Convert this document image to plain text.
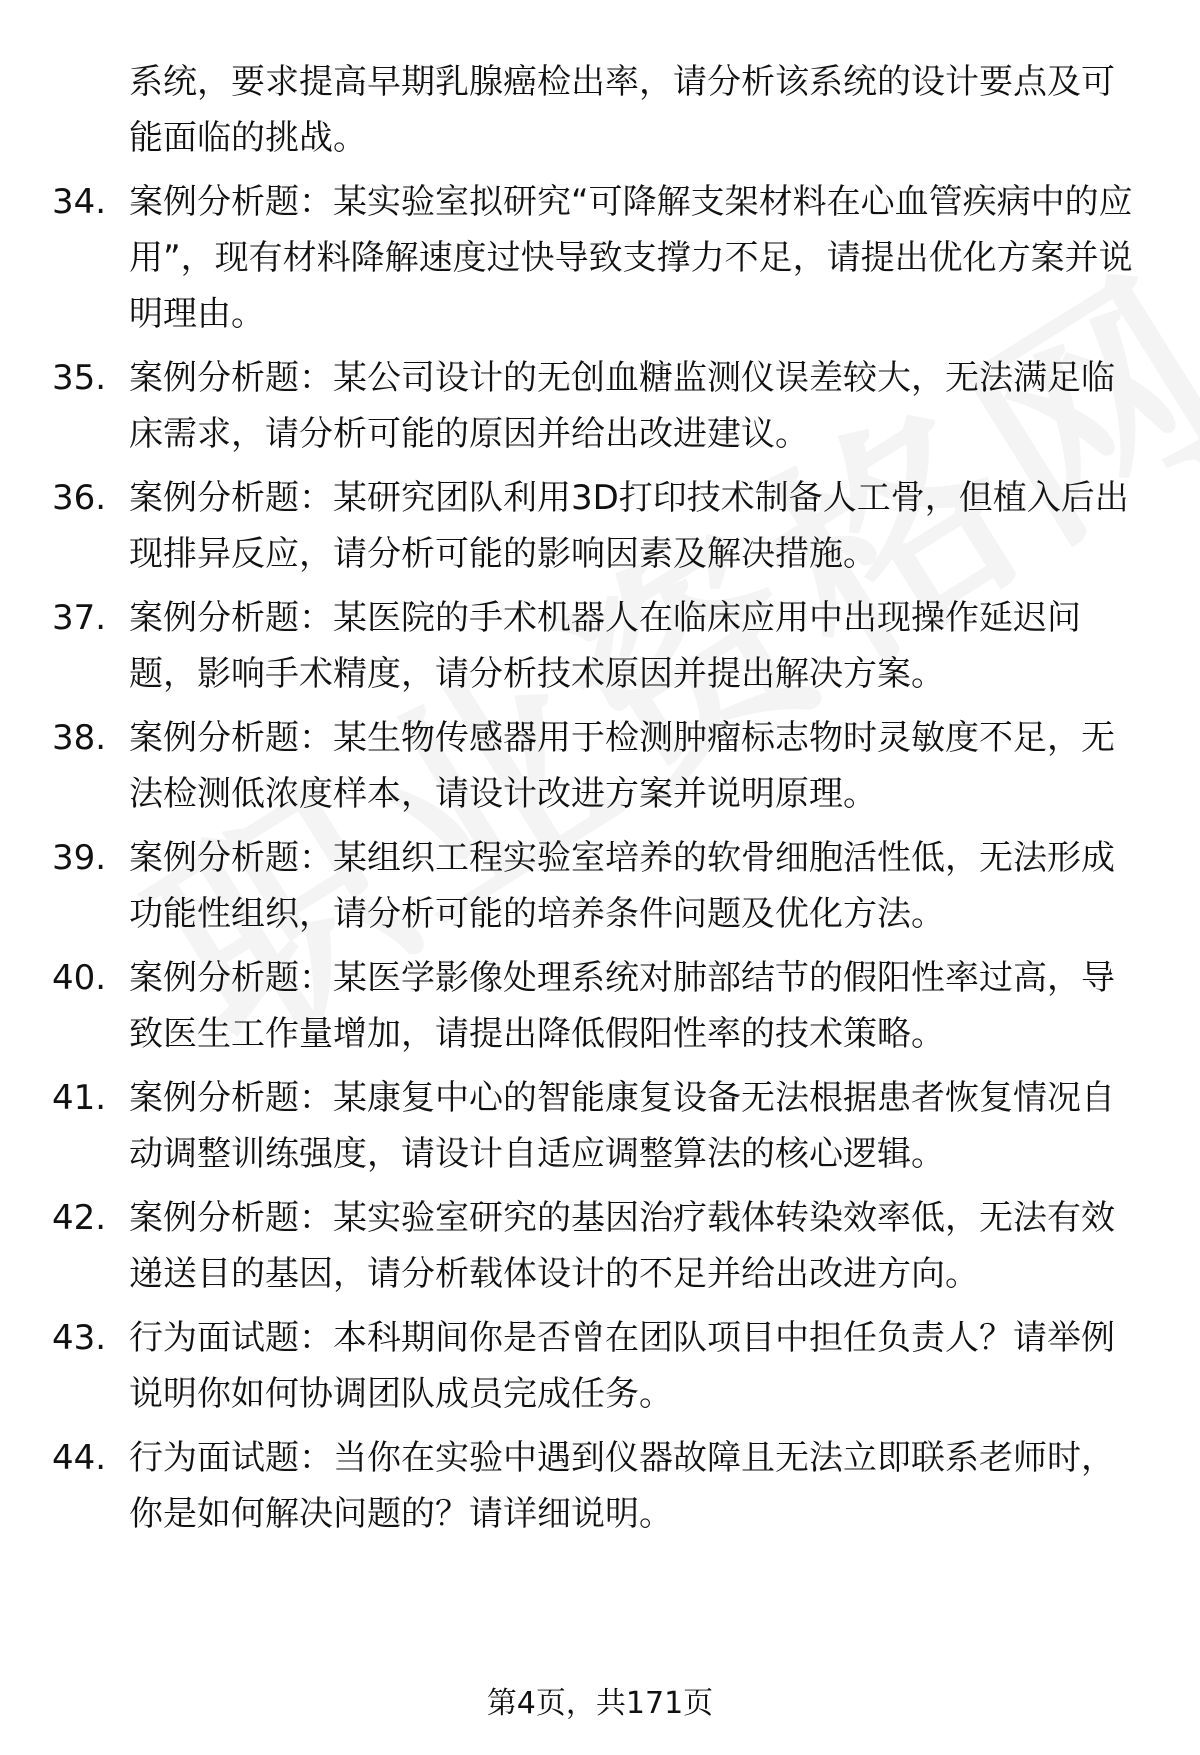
系统，要求提高早期乳腺癌检出率，请分析该系统的设计要点及可能面临的挑战。
34. 案例分析题：某实验室拟研究“可降解支架材料在心血管疾病中的应用”，现有材料降解速度过快导致支撑力不足，请提出优化方案并说明理由。
35. 案例分析题：某公司设计的无创血糖监测仪误差较大，无法满足临床需求，请分析可能的原因并给出改进建议。
36. 案例分析题：某研究团队利用3D打印技术制备人工骨，但植入后出现排异反应，请分析可能的影响因素及解决措施。
37. 案例分析题：某医院的手术机器人在临床应用中出现操作延迟问题，影响手术精度，请分析技术原因并提出解决方案。
38. 案例分析题：某生物传感器用于检测肿瘤标志物时灵敏度不足，无法检测低浓度样本，请设计改进方案并说明原理。
39. 案例分析题：某组织工程实验室培养的软骨细胞活性低，无法形成功能性组织，请分析可能的培养条件问题及优化方法。
40. 案例分析题：某医学影像处理系统对肺部结节的假阳性率过高，导致医生工作量增加，请提出降低假阳性率的技术策略。
41. 案例分析题：某康复中心的智能康复设备无法根据患者恢复情况自动调整训练强度，请设计自适应调整算法的核心逻辑。
42. 案例分析题：某实验室研究的基因治疗载体转染效率低，无法有效递送目的基因，请分析载体设计的不足并给出改进方向。
43. 行为面试题：本科期间你是否曾在团队项目中担任负责人？请举例说明你如何协调团队成员完成任务。
44. 行为面试题：当你在实验中遇到仪器故障且无法立即联系老师时，你是如何解决问题的？请详细说明。
第4页，共171页
